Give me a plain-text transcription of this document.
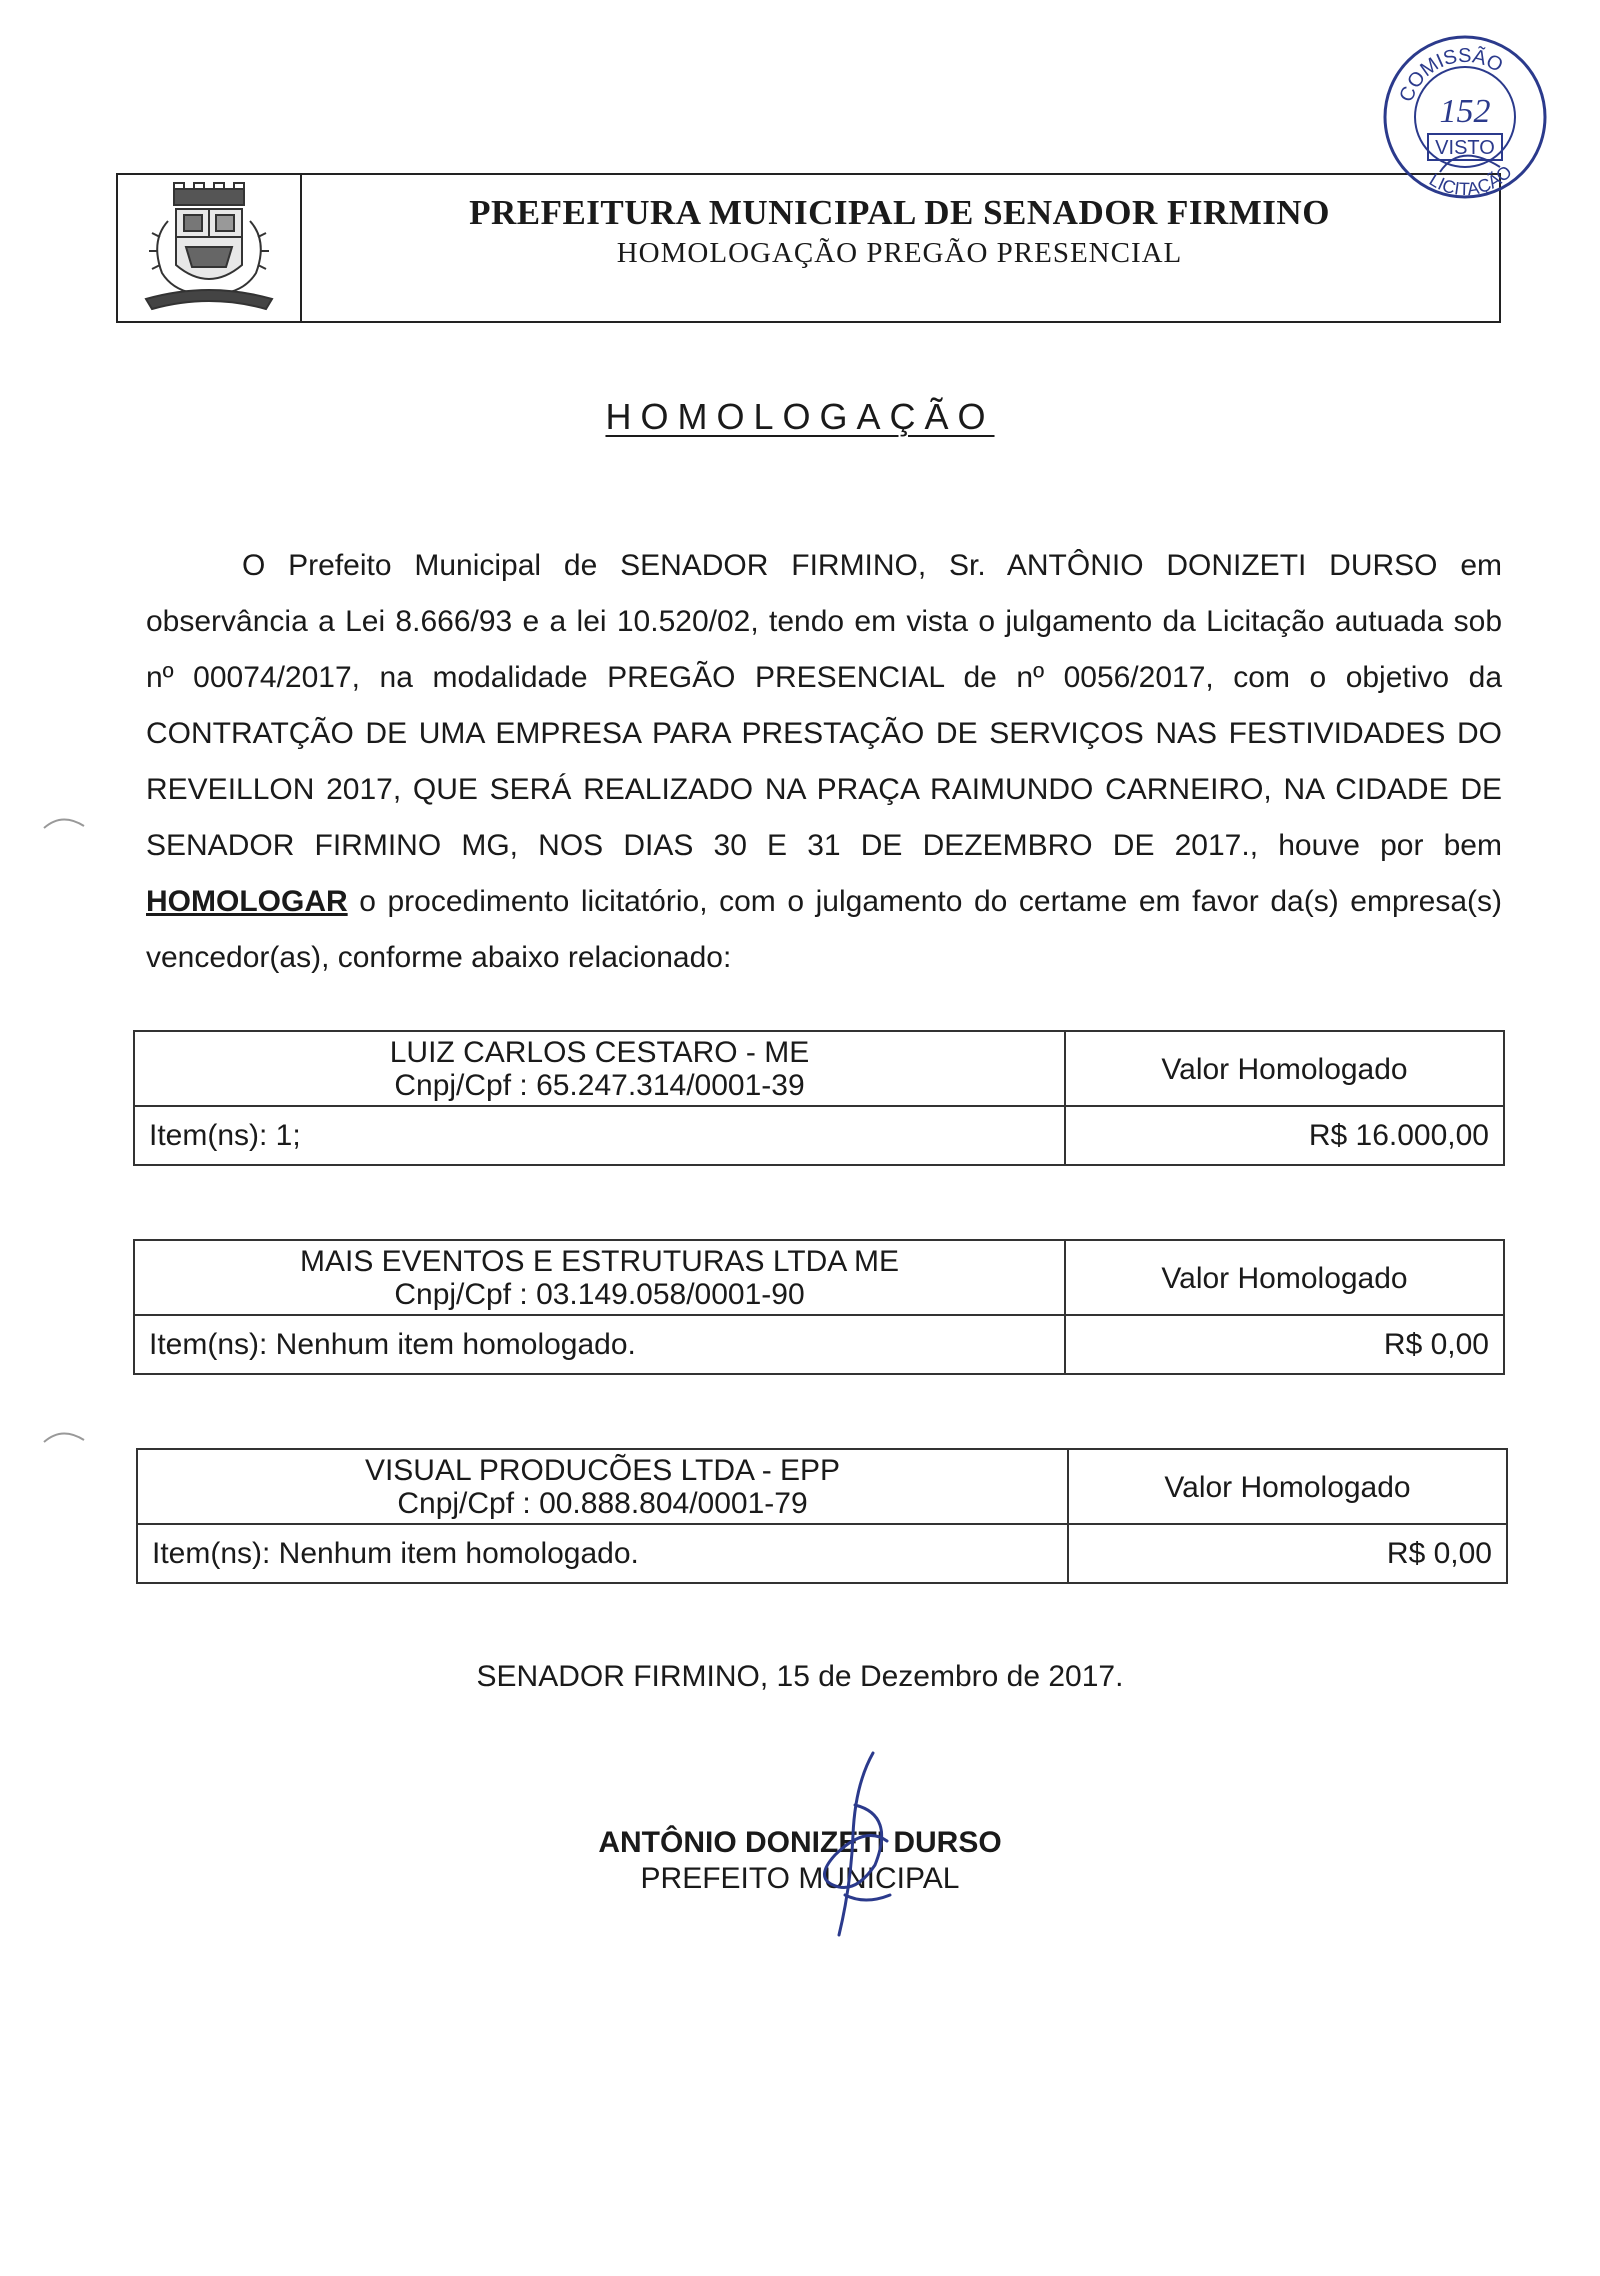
PREFEITURA MUNICIPAL DE SENADOR FIRMINO
HOMOLOGAÇÃO PREGÃO PRESENCIAL
COMISSÃO
152
VISTO
LICITAÇÃO
HOMOLOGAÇÃO
O Prefeito Municipal de SENADOR FIRMINO, Sr. ANTÔNIO DONIZETI DURSO em observância a Lei 8.666/93 e a lei 10.520/02, tendo em vista o julgamento da Licitação autuada sob nº 00074/2017, na modalidade PREGÃO PRESENCIAL de nº 0056/2017, com o objetivo da CONTRATÇÃO DE UMA EMPRESA PARA PRESTAÇÃO DE SERVIÇOS NAS FESTIVIDADES DO REVEILLON 2017, QUE SERÁ REALIZADO NA PRAÇA RAIMUNDO CARNEIRO, NA CIDADE DE SENADOR FIRMINO MG, NOS DIAS 30 E 31 DE DEZEMBRO DE 2017., houve por bem HOMOLOGAR o procedimento licitatório, com o julgamento do certame em favor da(s) empresa(s) vencedor(as), conforme abaixo relacionado:
LUIZ CARLOS CESTARO - ME
Cnpj/Cpf : 65.247.314/0001-39	Valor Homologado
Item(ns): 1;	R$ 16.000,00
MAIS EVENTOS E ESTRUTURAS LTDA ME
Cnpj/Cpf : 03.149.058/0001-90	Valor Homologado
Item(ns): Nenhum item homologado.	R$ 0,00
VISUAL PRODUCÕES LTDA - EPP
Cnpj/Cpf : 00.888.804/0001-79	Valor Homologado
Item(ns): Nenhum item homologado.	R$ 0,00
SENADOR FIRMINO, 15 de Dezembro de 2017.
ANTÔNIO DONIZETI DURSO
PREFEITO MUNICIPAL
